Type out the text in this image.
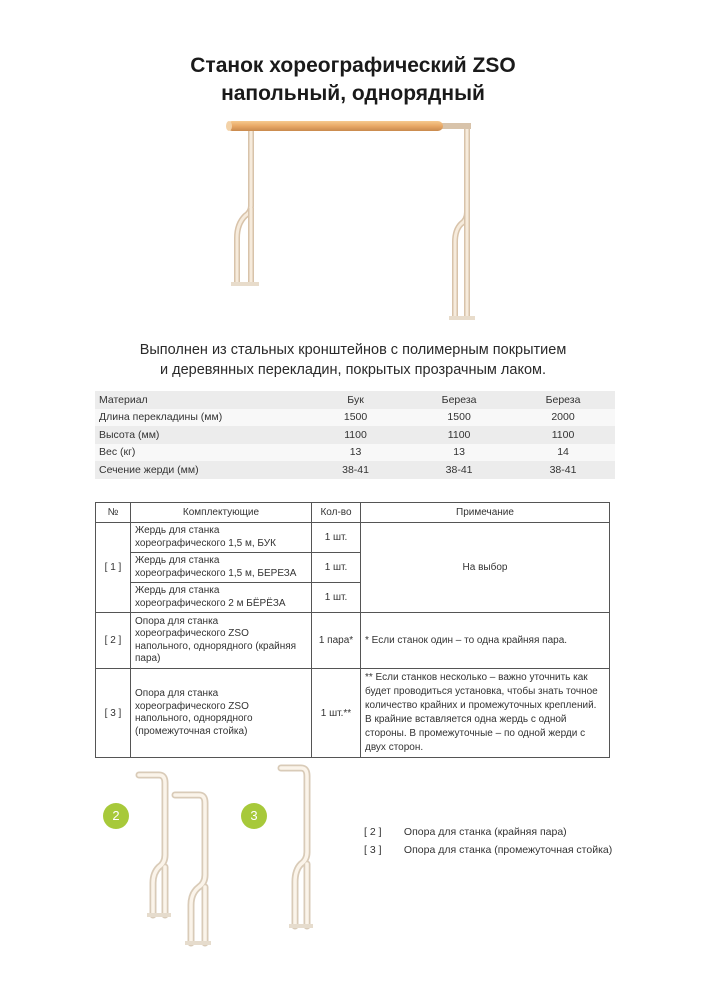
Станок хореографический ZSO
напольный, однорядный
Выполнен из стальных кронштейнов с полимерным покрытием
и деревянных перекладин, покрытых прозрачным лаком.
Материал	Бук	Береза	Береза
Длина перекладины (мм)	1500	1500	2000
Высота (мм)	1100	1100	1100
Вес (кг)	13	13	14
Сечение жерди (мм)	38-41	38-41	38-41
№	Комплектующие	Кол-во	Примечание
[ 1 ]	Жердь для станка хореографического 1,5 м, БУК	1 шт.	На выбор
	Жердь для станка хореографического 1,5 м, БЕРЕЗА	1 шт.	
	Жердь для станка хореографического 2 м БЁРЁЗА	1 шт.	
[ 2 ]	Опора для станка хореографического ZSO напольного, однорядного (крайняя пара)	1 пара*	* Если станок один – то одна крайняя пара.
[ 3 ]	Опора для станка хореографического ZSO напольного, однорядного (промежуточная стойка)	1 шт.**	** Если станков несколько – важно уточнить как будет проводиться установка, чтобы знать точное количество крайних и промежуточных креплений. В крайние вставляется одна жердь с одной стороны. В промежуточные – по одной жерди с двух сторон.
2	3
[ 2 ] Опора для станка (крайняя пара)
[ 3 ] Опора для станка (промежуточная стойка)
